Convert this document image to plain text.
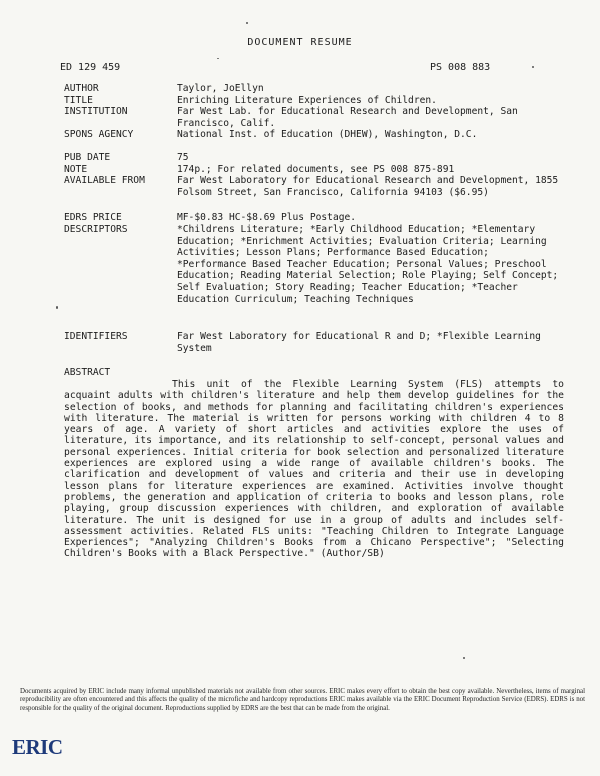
DOCUMENT RESUME
ED 129 459	PS 008 883
AUTHOR	Taylor, JoEllyn
TITLE	Enriching Literature Experiences of Children.
INSTITUTION	Far West Lab. for Educational Research and Development, San Francisco, Calif.
SPONS AGENCY	National Inst. of Education (DHEW), Washington, D.C.
PUB DATE	75
NOTE	174p.; For related documents, see PS 008 875-891
AVAILABLE FROM	Far West Laboratory for Educational Research and Development, 1855 Folsom Street, San Francisco, California 94103 ($6.95)
EDRS PRICE	MF-$0.83 HC-$8.69 Plus Postage.
DESCRIPTORS	*Childrens Literature; *Early Childhood Education; *Elementary Education; *Enrichment Activities; Evaluation Criteria; Learning Activities; Lesson Plans; Performance Based Education; *Performance Based Teacher Education; Personal Values; Preschool Education; Reading Material Selection; Role Playing; Self Concept; Self Evaluation; Story Reading; Teacher Education; *Teacher Education Curriculum; Teaching Techniques
IDENTIFIERS	Far West Laboratory for Educational R and D; *Flexible Learning System
ABSTRACT

This unit of the Flexible Learning System (FLS) attempts to acquaint adults with children's literature and help them develop guidelines for the selection of books, and methods for planning and facilitating children's experiences with literature. The material is written for persons working with children 4 to 8 years of age. A variety of short articles and activities explore the uses of literature, its importance, and its relationship to self-concept, personal values and personal experiences. Initial criteria for book selection and personalized literature experiences are explored using a wide range of available children's books. The clarification and development of values and criteria and their use in developing lesson plans for literature experiences are examined. Activities involve thought problems, the generation and application of criteria to books and lesson plans, role playing, group discussion experiences with children, and exploration of available literature. The unit is designed for use in a group of adults and includes self-assessment activities. Related FLS units: "Teaching Children to Integrate Language Experiences"; "Analyzing Children's Books from a Chicano Perspective"; "Selecting Children's Books with a Black Perspective." (Author/SB)

Documents acquired by ERIC include many informal unpublished materials not available from other sources. ERIC makes every effort to obtain the best copy available. Nevertheless, items of marginal reproducibility are often encountered and this affects the quality of the microfiche and hardcopy reproductions ERIC makes available via the ERIC Document Reproduction Service (EDRS). EDRS is not responsible for the quality of the original document. Reproductions supplied by EDRS are the best that can be made from the original.

ERIC
